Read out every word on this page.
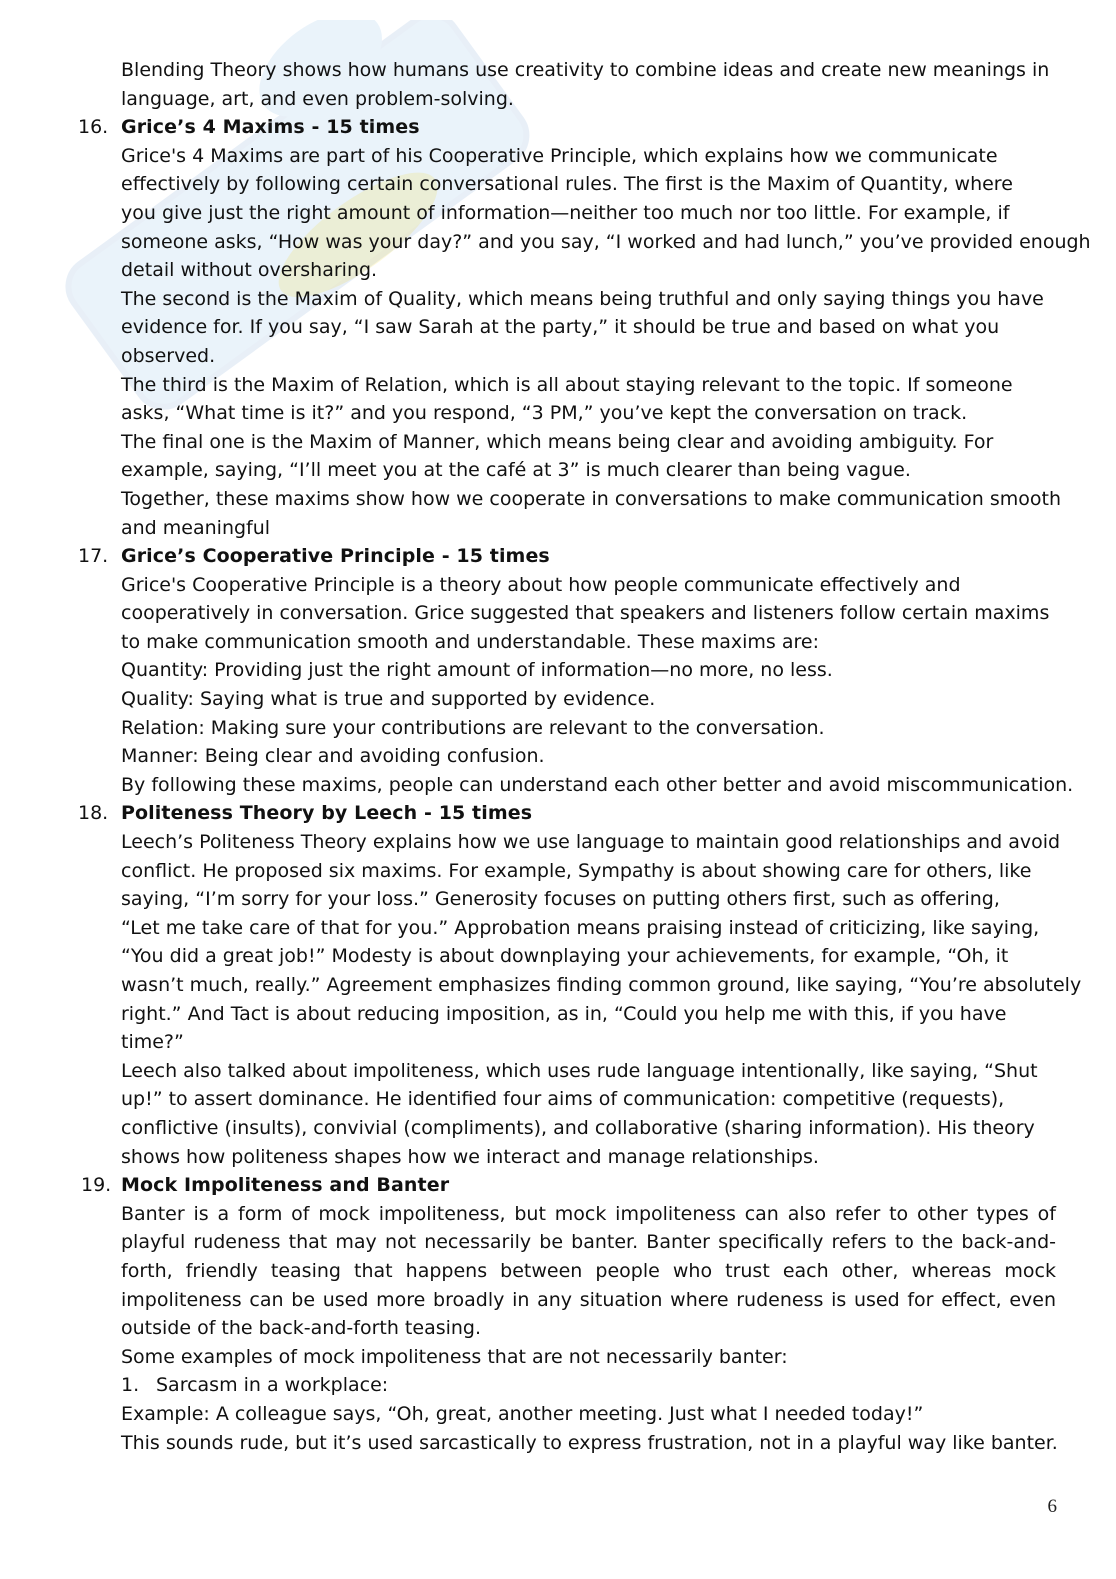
Blending Theory shows how humans use creativity to combine ideas and create new meanings in
language, art, and even problem-solving.
16. Grice’s 4 Maxims - 15 times
Grice's 4 Maxims are part of his Cooperative Principle, which explains how we communicate
effectively by following certain conversational rules. The first is the Maxim of Quantity, where
you give just the right amount of information—neither too much nor too little. For example, if
someone asks, “How was your day?” and you say, “I worked and had lunch,” you’ve provided enough
detail without oversharing.
The second is the Maxim of Quality, which means being truthful and only saying things you have
evidence for. If you say, “I saw Sarah at the party,” it should be true and based on what you
observed.
The third is the Maxim of Relation, which is all about staying relevant to the topic. If someone
asks, “What time is it?” and you respond, “3 PM,” you’ve kept the conversation on track.
The final one is the Maxim of Manner, which means being clear and avoiding ambiguity. For
example, saying, “I’ll meet you at the café at 3” is much clearer than being vague.
Together, these maxims show how we cooperate in conversations to make communication smooth
and meaningful
17. Grice’s Cooperative Principle - 15 times
Grice's Cooperative Principle is a theory about how people communicate effectively and
cooperatively in conversation. Grice suggested that speakers and listeners follow certain maxims
to make communication smooth and understandable. These maxims are:
Quantity: Providing just the right amount of information—no more, no less.
Quality: Saying what is true and supported by evidence.
Relation: Making sure your contributions are relevant to the conversation.
Manner: Being clear and avoiding confusion.
By following these maxims, people can understand each other better and avoid miscommunication.
18. Politeness Theory by Leech - 15 times
Leech’s Politeness Theory explains how we use language to maintain good relationships and avoid
conflict. He proposed six maxims. For example, Sympathy is about showing care for others, like
saying, “I’m sorry for your loss.” Generosity focuses on putting others first, such as offering,
“Let me take care of that for you.” Approbation means praising instead of criticizing, like saying,
“You did a great job!” Modesty is about downplaying your achievements, for example, “Oh, it
wasn’t much, really.” Agreement emphasizes finding common ground, like saying, “You’re absolutely
right.” And Tact is about reducing imposition, as in, “Could you help me with this, if you have
time?”
Leech also talked about impoliteness, which uses rude language intentionally, like saying, “Shut
up!” to assert dominance. He identified four aims of communication: competitive (requests),
conflictive (insults), convivial (compliments), and collaborative (sharing information). His theory
shows how politeness shapes how we interact and manage relationships.
19. Mock Impoliteness and Banter
Banter is a form of mock impoliteness, but mock impoliteness can also refer to other types of
playful rudeness that may not necessarily be banter. Banter specifically refers to the back-and-
forth, friendly teasing that happens between people who trust each other, whereas mock
impoliteness can be used more broadly in any situation where rudeness is used for effect, even
outside of the back-and-forth teasing.
Some examples of mock impoliteness that are not necessarily banter:
1. Sarcasm in a workplace:
Example: A colleague says, “Oh, great, another meeting. Just what I needed today!”
This sounds rude, but it’s used sarcastically to express frustration, not in a playful way like banter.
6
